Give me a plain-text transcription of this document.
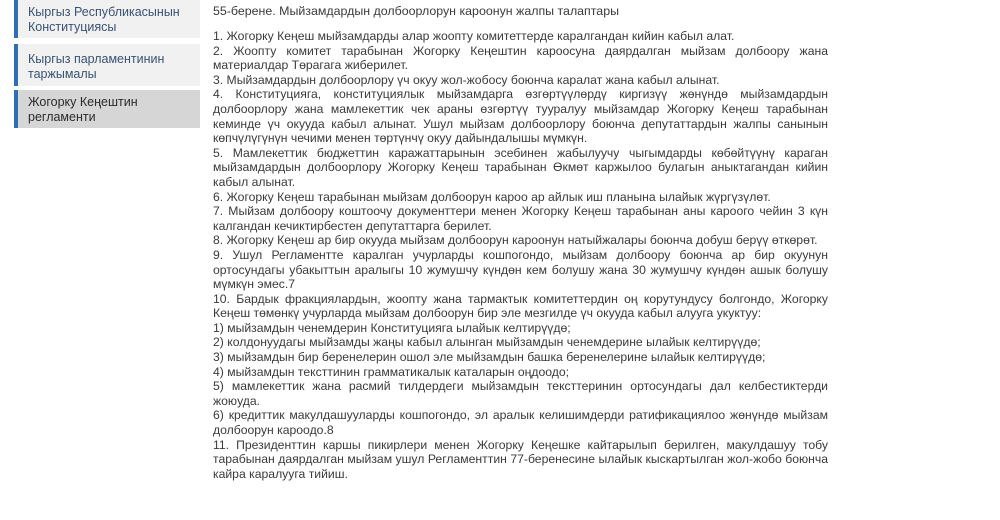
Кыргыз Республикасынын Конституциясы
Кыргыз парламентинин таржымалы
Жогорку Кеңештин регламенти

55-берене. Мыйзамдардын долбоорлорун кароонун жалпы талаптары

1. Жогорку Кеңеш мыйзамдарды алар жоопту комитеттерде каралгандан кийин кабыл алат.

2. Жоопту комитет тарабынан Жогорку Кеңештин кароосуна даярдалган мыйзам долбоору жана материалдар Төрагага жиберилет.

3. Мыйзамдардын долбоорлору үч окуу жол-жобосу боюнча каралат жана кабыл алынат.

4. Конституцияга, конституциялык мыйзамдарга өзгөртүүлөрдү киргизүү жөнүндө мыйзамдардын долбоорлору жана мамлекеттик чек араны өзгөртүү тууралуу мыйзамдар Жогорку Кеңеш тарабынан кеминде үч окууда кабыл алынат. Ушул мыйзам долбоорлору боюнча депутаттардын жалпы санынын көпчүлүгүнүн чечими менен төртүнчү окуу дайындалышы мүмкүн.

5. Мамлекеттик бюджеттин каражаттарынын эсебинен жабылуучу чыгымдарды көбөйтүүнү караган мыйзамдардын долбоорлору Жогорку Кеңеш тарабынан Өкмөт каржылоо булагын аныктагандан кийин кабыл алынат.

6. Жогорку Кеңеш тарабынан мыйзам долбоорун кароо ар айлык иш планына ылайык жүргүзүлөт.

7. Мыйзам долбоору коштоочу документтери менен Жогорку Кеңеш тарабынан аны кароого чейин 3 күн калгандан кечиктирбестен депутаттарга берилет.

8. Жогорку Кеңеш ар бир окууда мыйзам долбоорун кароонун натыйжалары боюнча добуш берүү өткөрөт.

9. Ушул Регламентте каралган учурларды кошпогондо, мыйзам долбоору боюнча ар бир окуунун ортосундагы убакыттын аралыгы 10 жумушчу күндөн кем болушу жана 30 жумушчу күндөн ашык болушу мүмкүн эмес.7

10. Бардык фракциялардын, жоопту жана тармактык комитеттердин оң корутундусу болгондо, Жогорку Кеңеш төмөнкү учурларда мыйзам долбоорун бир эле мезгилде үч окууда кабыл алууга укуктуу:

1) мыйзамдын ченемдерин Конституцияга ылайык келтирүүдө;

2) колдонуудагы мыйзамды жаңы кабыл алынган мыйзамдын ченемдерине ылайык келтирүүдө;

3) мыйзамдын бир беренелерин ошол эле мыйзамдын башка беренелерине ылайык келтирүүдө;

4) мыйзамдын тексттинин грамматикалык каталарын оңдоодо;

5) мамлекеттик жана расмий тилдердеги мыйзамдын тексттеринин ортосундагы дал келбестиктерди жоюуда.

6) кредиттик макулдашууларды кошпогондо, эл аралык келишимдерди ратификациялоо жөнүндө мыйзам долбоорун кароодо.8

11. Президенттин каршы пикирлери менен Жогорку Кеңешке кайтарылып берилген, макулдашуу тобу тарабынан даярдалган мыйзам ушул Регламенттин 77-беренесине ылайык кыскартылган жол-жобо боюнча кайра каралууга тийиш.
